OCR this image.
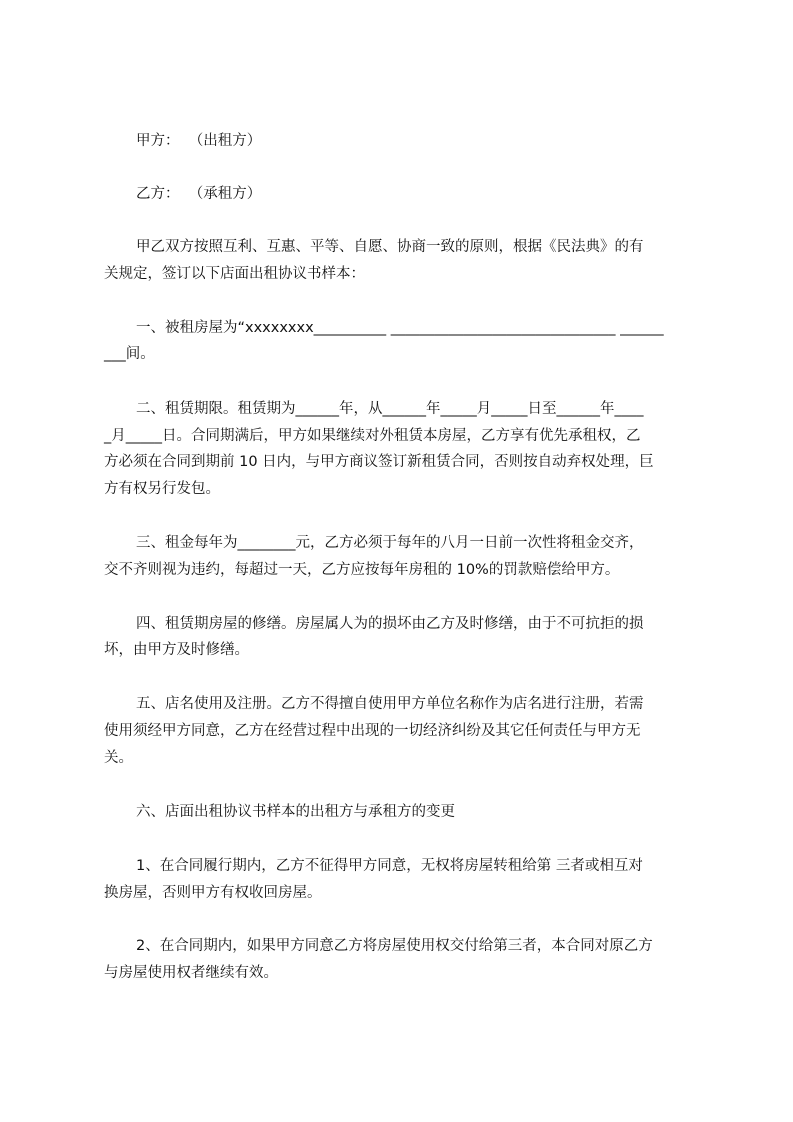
甲方：  （出租方）

乙方：  （承租方）

甲乙双方按照互利、互惠、平等、自愿、协商一致的原则，根据《民法典》的有

关规定，签订以下店面出租协议书样本：

一、被租房屋为“xxxxxxxx__________ _______________________________ ______

___间。

二、租赁期限。租赁期为______年，从______年_____月_____日至______年____

_月_____日。合同期满后，甲方如果继续对外租赁本房屋，乙方享有优先承租权，乙

方必须在合同到期前 10 日内，与甲方商议签订新租赁合同，否则按自动弃权处理，巨

方有权另行发包。

三、租金每年为________元，乙方必须于每年的八月一日前一次性将租金交齐，

交不齐则视为违约，每超过一天，乙方应按每年房租的 10%的罚款赔偿给甲方。

四、租赁期房屋的修缮。房屋属人为的损坏由乙方及时修缮，由于不可抗拒的损

坏，由甲方及时修缮。

五、店名使用及注册。乙方不得擅自使用甲方单位名称作为店名进行注册，若需

使用须经甲方同意，乙方在经营过程中出现的一切经济纠纷及其它任何责任与甲方无

关。

六、店面出租协议书样本的出租方与承租方的变更

1、在合同履行期内，乙方不征得甲方同意，无权将房屋转租给第 三者或相互对

换房屋，否则甲方有权收回房屋。

2、在合同期内，如果甲方同意乙方将房屋使用权交付给第三者，本合同对原乙方

与房屋使用权者继续有效。
